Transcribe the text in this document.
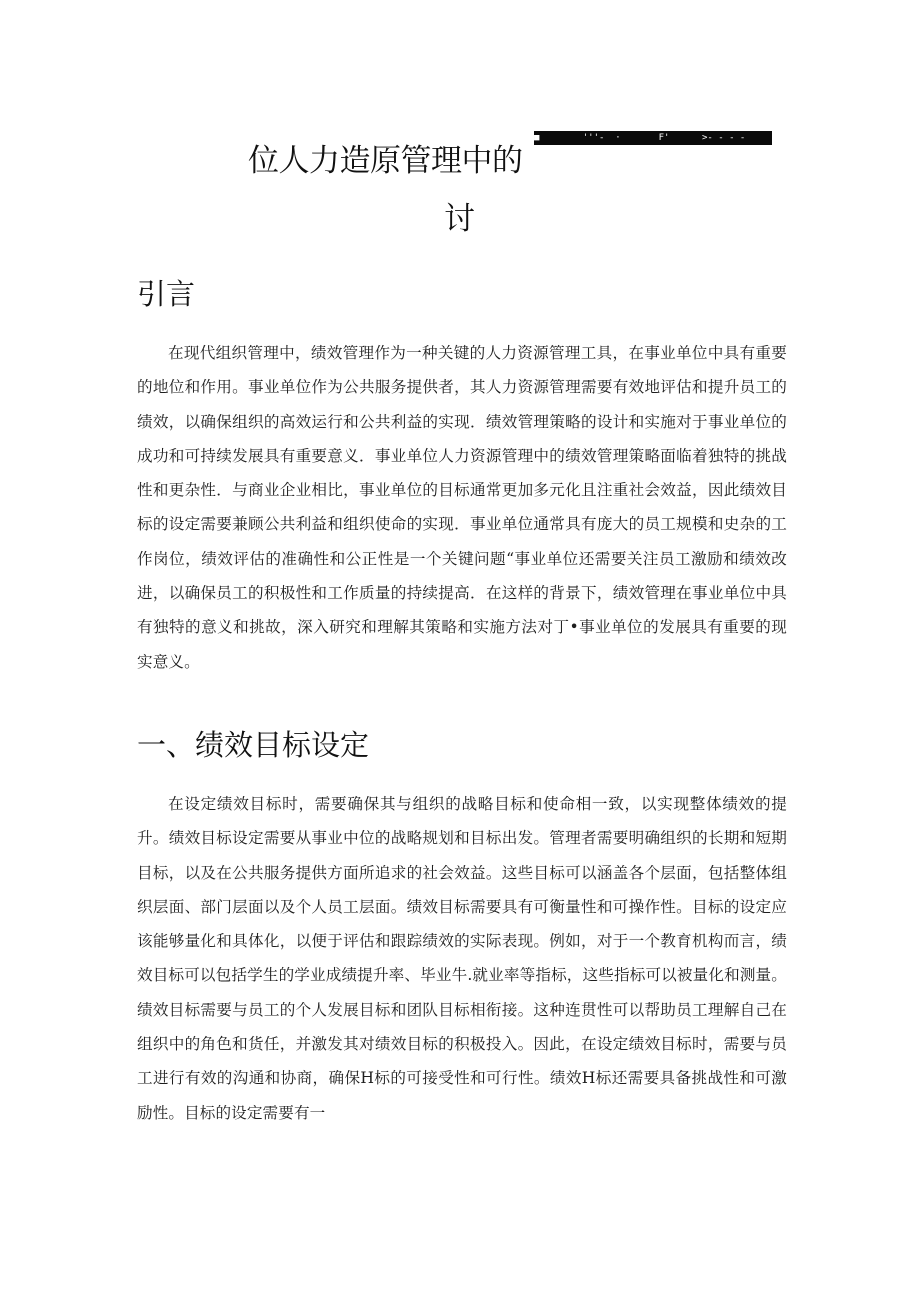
位人力造原管理中的
讨
■        '''-  ·       F'      >- - - -
引言

在现代组织管理中，绩效管理作为一种关键的人力资源管理工具，在事业单位中具有重要的地位和作用。事业单位作为公共服务提供者，其人力资源管理需要有效地评估和提升员工的绩效，以确保组织的高效运行和公共利益的实现．绩效管理策略的设计和实施对于事业单位的成功和可持续发展具有重要意义．事业单位人力资源管理中的绩效管理策略面临着独特的挑战性和更杂性．与商业企业相比，事业单位的目标通常更加多元化且注重社会效益，因此绩效目标的设定需要兼顾公共利益和组织使命的实现．事业单位通常具有庞大的员工规模和史杂的工作岗位，绩效评估的准确性和公正性是一个关键问题“事业单位还需要关注员工激励和绩效改进，以确保员工的积极性和工作质量的持续提高．在这样的背景下，绩效管理在事业单位中具有独特的意义和挑故，深入研究和理解其策略和实施方法对丁•事业单位的发展具有重要的现实意义。

一、绩效目标设定

在设定绩效目标时，需要确保其与组织的战略目标和使命相一致，以实现整体绩效的提升。绩效目标设定需要从事业中位的战略规划和目标出发。管理者需要明确组织的长期和短期目标，以及在公共服务提供方面所追求的社会效益。这些目标可以涵盖各个层面，包括整体组织层面、部门层面以及个人员工层面。绩效目标需要具有可衡量性和可操作性。目标的设定应该能够量化和具体化，以便于评估和跟踪绩效的实际表现。例如，对于一个教育机构而言，绩效目标可以包括学生的学业成绩提升率、毕业牛.就业率等指标，这些指标可以被量化和测量。绩效目标需要与员工的个人发展目标和团队目标相衔接。这种连贯性可以帮助员工理解自己在组织中的角色和货任，并激发其对绩效目标的积极投入。因此，在设定绩效目标时，需要与员工进行有效的沟通和协商，确保H标的可接受性和可行性。绩效H标还需要具备挑战性和可激励性。目标的设定需要有一
